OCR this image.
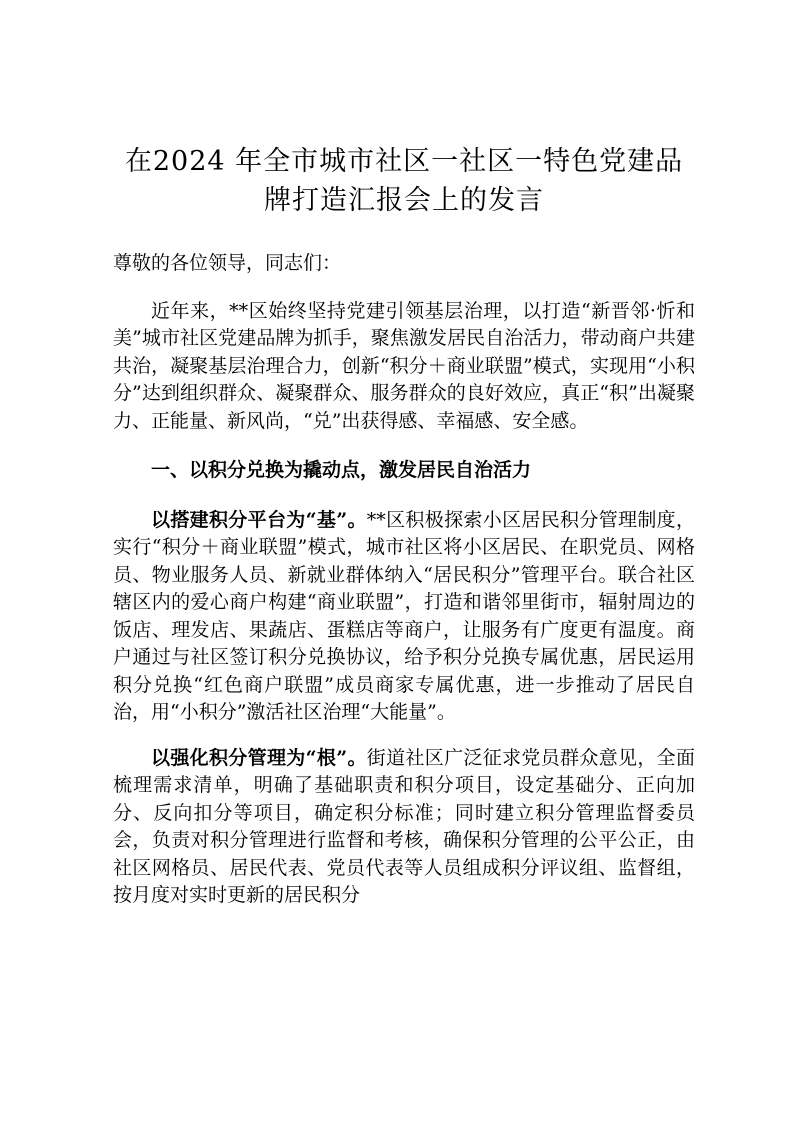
在2024 年全市城市社区一社区一特色党建品牌打造汇报会上的发言

尊敬的各位领导，同志们：

近年来，**区始终坚持党建引领基层治理，以打造“新晋邻·忻和美”城市社区党建品牌为抓手，聚焦激发居民自治活力，带动商户共建共治，凝聚基层治理合力，创新“积分＋商业联盟”模式，实现用“小积分”达到组织群众、凝聚群众、服务群众的良好效应，真正“积”出凝聚力、正能量、新风尚，“兑”出获得感、幸福感、安全感。

一、以积分兑换为撬动点，激发居民自治活力

以搭建积分平台为“基”。**区积极探索小区居民积分管理制度，实行“积分＋商业联盟”模式，城市社区将小区居民、在职党员、网格员、物业服务人员、新就业群体纳入“居民积分”管理平台。联合社区辖区内的爱心商户构建“商业联盟”，打造和谐邻里街市，辐射周边的饭店、理发店、果蔬店、蛋糕店等商户，让服务有广度更有温度。商户通过与社区签订积分兑换协议，给予积分兑换专属优惠，居民运用积分兑换“红色商户联盟”成员商家专属优惠，进一步推动了居民自治，用“小积分”激活社区治理“大能量”。

以强化积分管理为“根”。街道社区广泛征求党员群众意见，全面梳理需求清单，明确了基础职责和积分项目，设定基础分、正向加分、反向扣分等项目，确定积分标准；同时建立积分管理监督委员会，负责对积分管理进行监督和考核，确保积分管理的公平公正，由社区网格员、居民代表、党员代表等人员组成积分评议组、监督组，按月度对实时更新的居民积分
